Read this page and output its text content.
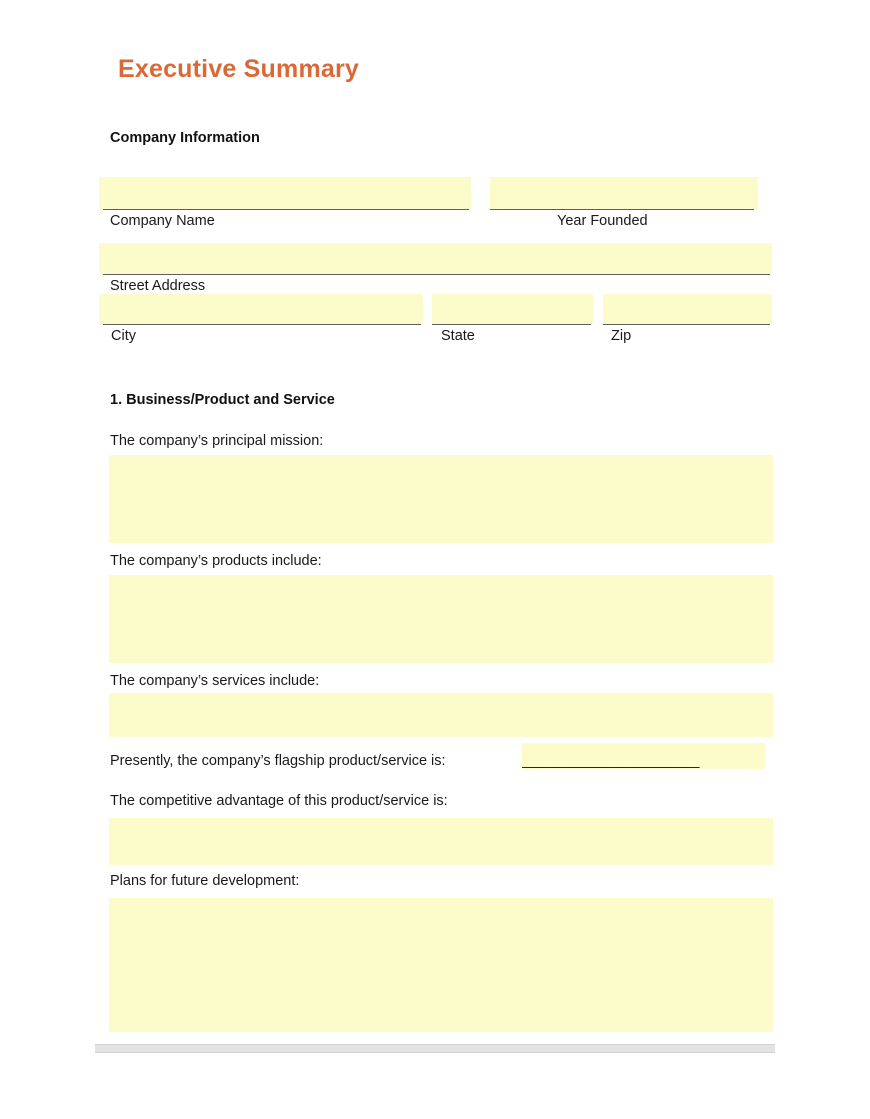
Executive Summary
Company Information
Company Name	Year Founded
Street Address
City	State	Zip
1. Business/Product and Service
The company’s principal mission:
The company’s products include:
The company’s services include:
Presently, the company’s flagship product/service is:	______________________
The competitive advantage of this product/service is:
Plans for future development:
